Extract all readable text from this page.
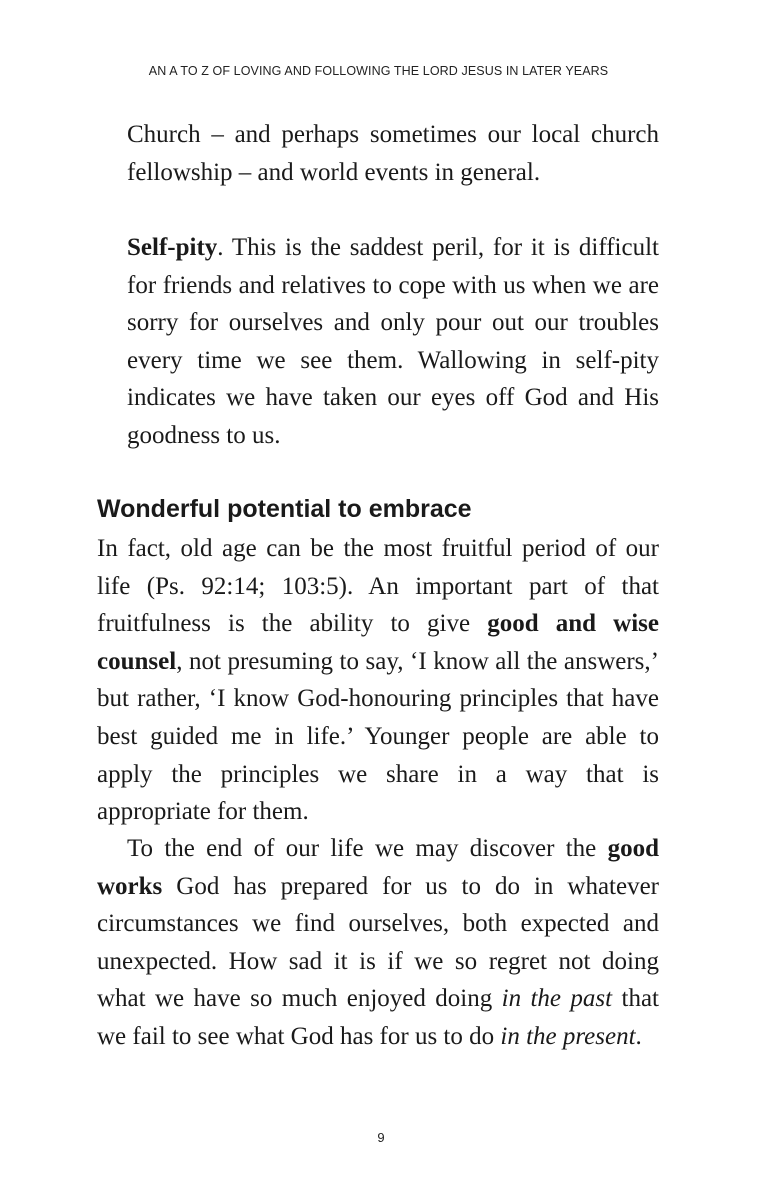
AN A TO Z OF LOVING AND FOLLOWING THE LORD JESUS IN LATER YEARS

Church – and perhaps sometimes our local church fellowship – and world events in general.

Self-pity. This is the saddest peril, for it is difficult for friends and relatives to cope with us when we are sorry for ourselves and only pour out our troubles every time we see them. Wallowing in self-pity indicates we have taken our eyes off God and His goodness to us.

Wonderful potential to embrace

In fact, old age can be the most fruitful period of our life (Ps. 92:14; 103:5). An important part of that fruitfulness is the ability to give good and wise counsel, not presuming to say, ‘I know all the answers,’ but rather, ‘I know God-honouring principles that have best guided me in life.’ Younger people are able to apply the principles we share in a way that is appropriate for them.

To the end of our life we may discover the good works God has prepared for us to do in whatever circumstances we find ourselves, both expected and unexpected. How sad it is if we so regret not doing what we have so much enjoyed doing in the past that we fail to see what God has for us to do in the present.

9
